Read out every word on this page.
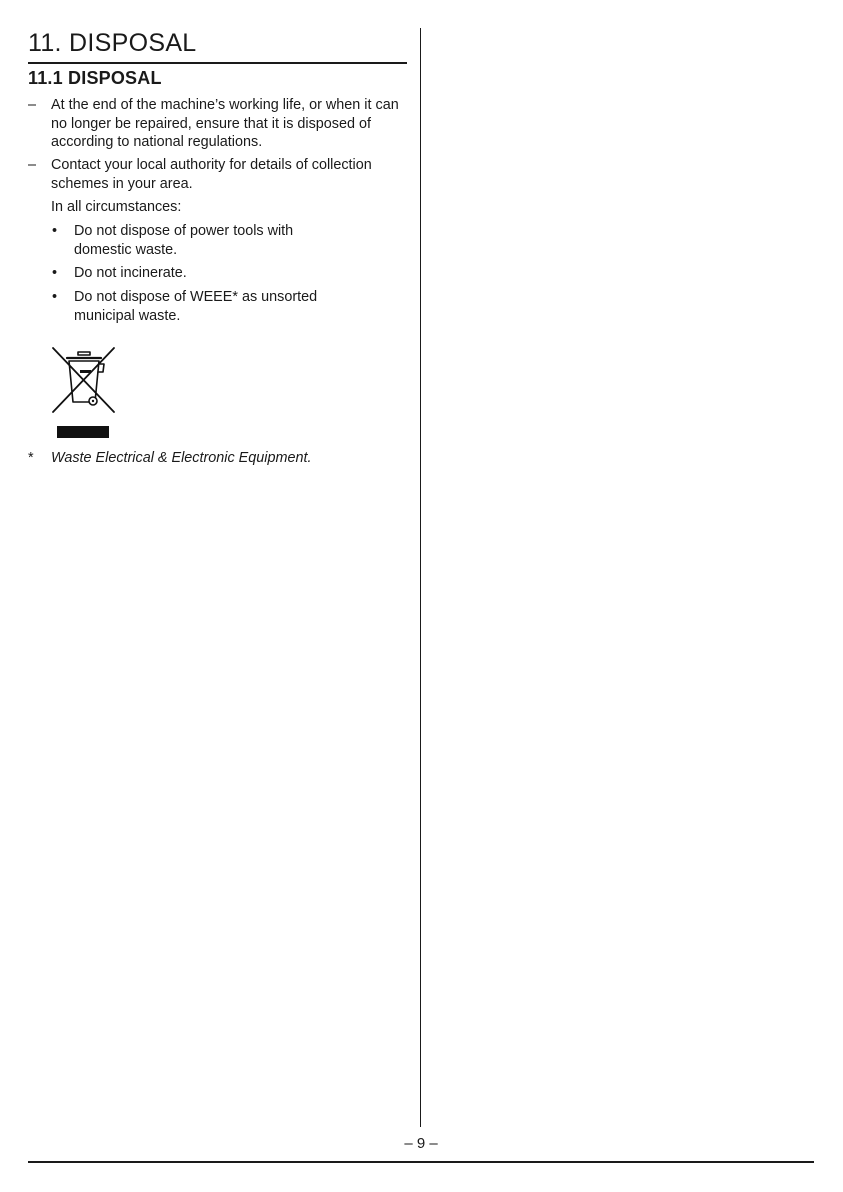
11. DISPOSAL
11.1 DISPOSAL
– At the end of the machine’s working life, or when it can no longer be repaired, ensure that it is disposed of according to national regulations.
– Contact your local authority for details of collection schemes in your area.
In all circumstances:
• Do not dispose of power tools with domestic waste.
• Do not incinerate.
• Do not dispose of WEEE* as unsorted municipal waste.
* Waste Electrical & Electronic Equipment.
– 9 –
